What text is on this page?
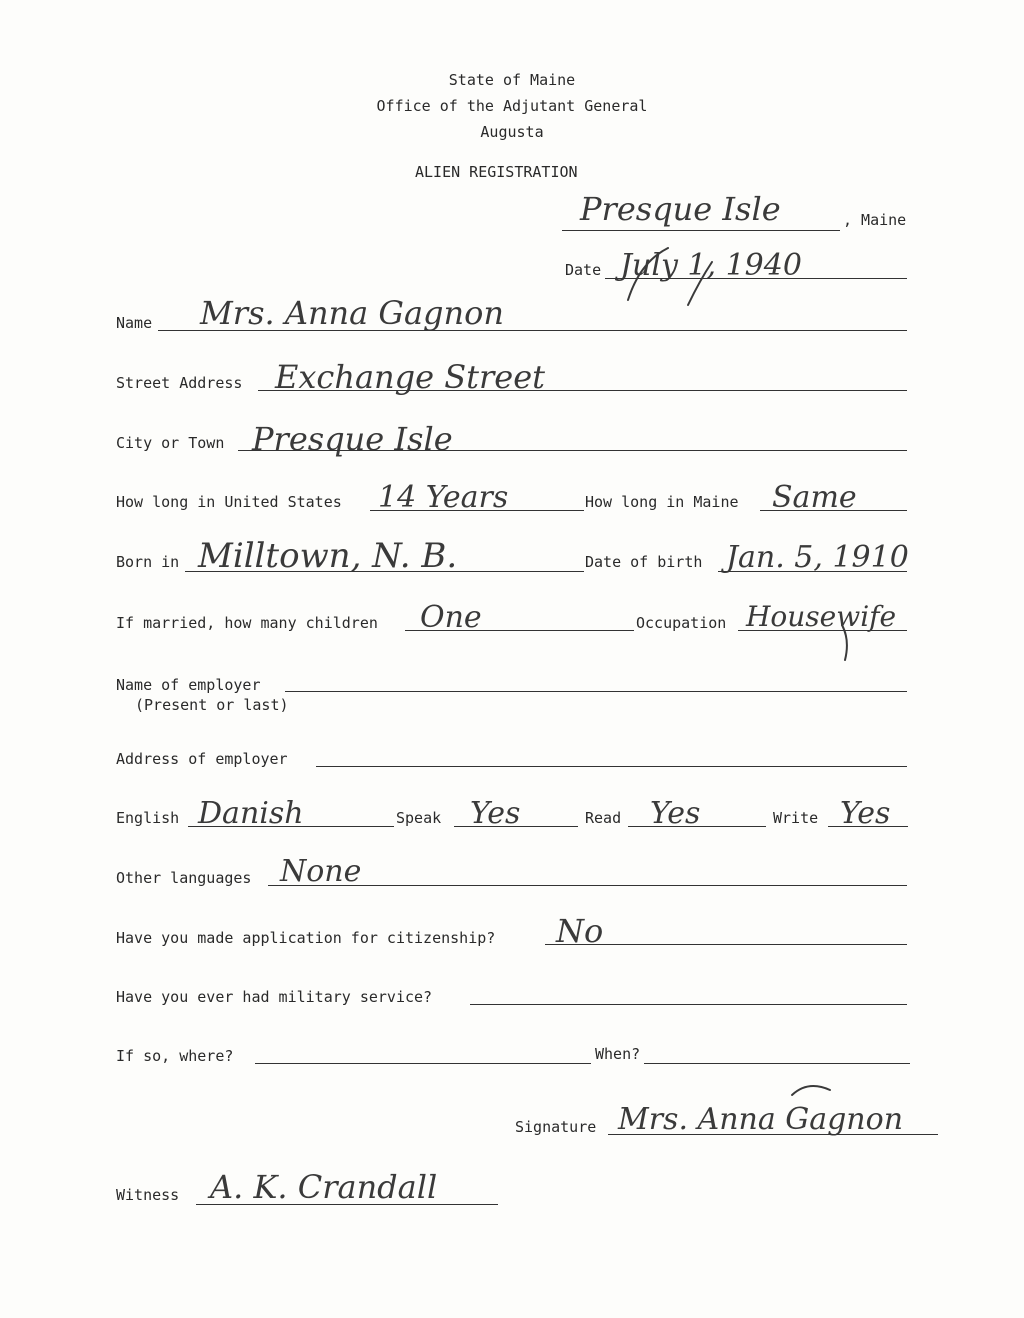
State of Maine
Office of the Adjutant General
Augusta
ALIEN REGISTRATION
Presque Isle	, Maine
Date July 1, 1940
Name Mrs. Anna Gagnon
Street Address Exchange Street
City or Town Presque Isle
How long in United States 14 Years	How long in Maine Same
Born in Milltown, N. B.	Date of birth Jan. 5, 1910
If married, how many children One	Occupation Housewife
Name of employer
(Present or last)
Address of employer
English Danish	Speak Yes	Read Yes	Write Yes
Other languages None
Have you made application for citizenship? No
Have you ever had military service?
If so, where?	When?
Signature Mrs. Anna Gagnon
Witness A. K. Crandall
